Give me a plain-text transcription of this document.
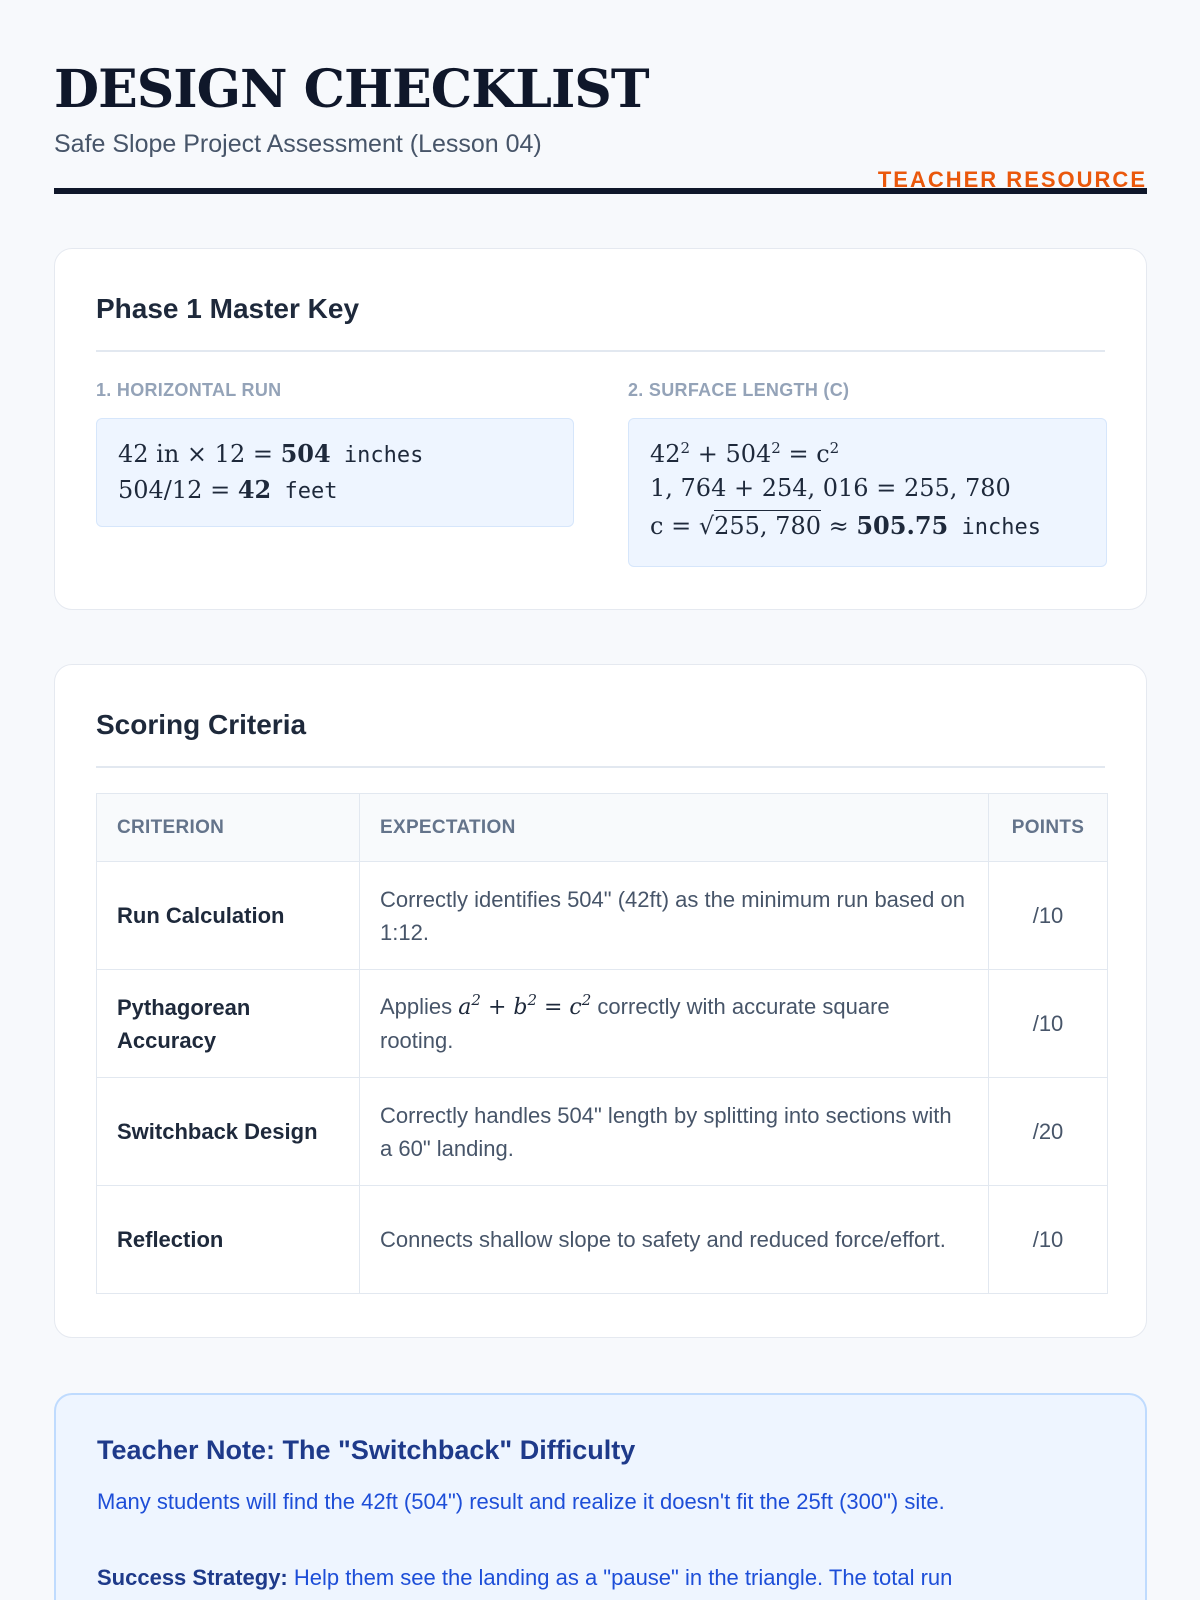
DESIGN CHECKLIST
Safe Slope Project Assessment (Lesson 04)
TEACHER RESOURCE
Phase 1 Master Key
1. HORIZONTAL RUN
42 in × 12 = 504 inches
504/12 = 42 feet
2. SURFACE LENGTH (C)
$42^2 + 504^2 = c^2$
1, 764 + 254, 016 = 255, 780
c = √255, 780 ≈ 505.75 inches
Scoring Criteria
CRITERION	EXPECTATION	POINTS
Run Calculation	Correctly identifies 504" (42ft) as the minimum run based on 1:12.	/10
Pythagorean Accuracy	Applies $a^2 + b^2 = c^2$ correctly with accurate square rooting.	/10
Switchback Design	Correctly handles 504" length by splitting into sections with a 60" landing.	/20
Reflection	Connects shallow slope to safety and reduced force/effort.	/10
Teacher Note: The "Switchback" Difficulty
Many students will find the 42ft (504") result and realize it doesn't fit the 25ft (300") site.
Success Strategy: Help them see the landing as a "pause" in the triangle. The total run
